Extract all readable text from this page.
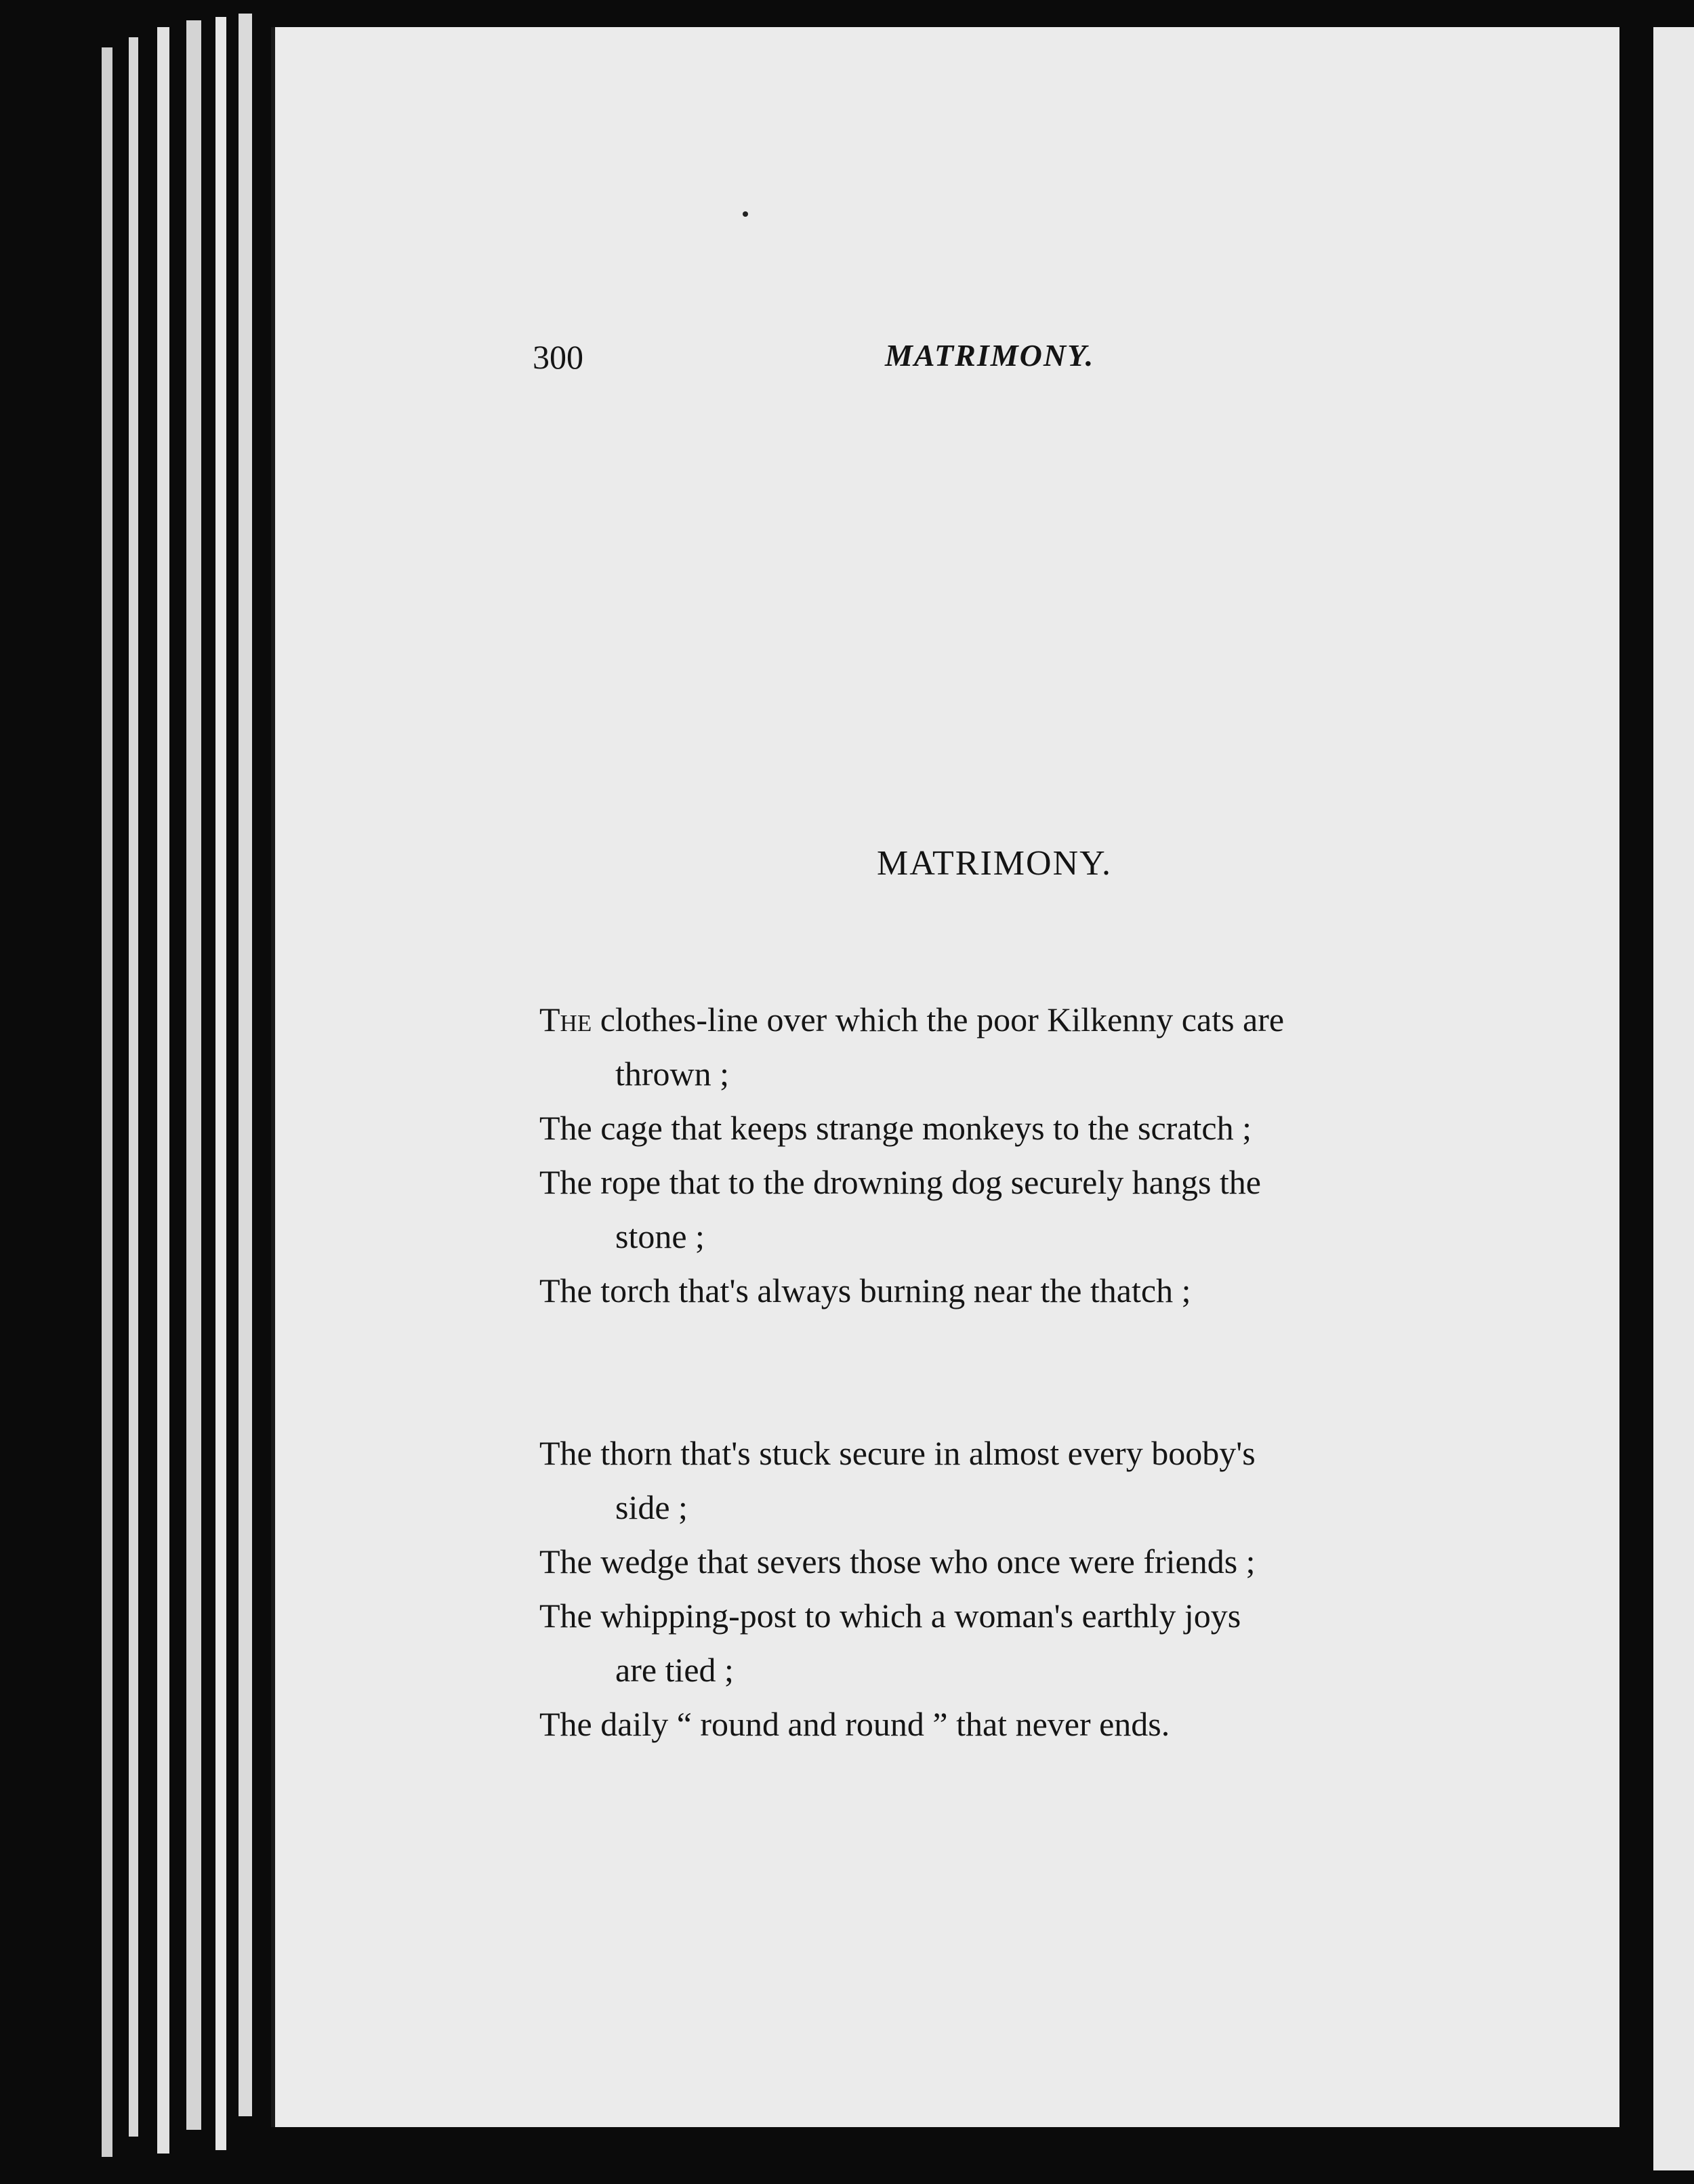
300	MATRIMONY.
MATRIMONY.
The clothes-line over which the poor Kilkenny cats are
thrown ;
The cage that keeps strange monkeys to the scratch ;
The rope that to the drowning dog securely hangs the
stone ;
The torch that's always burning near the thatch ;
The thorn that's stuck secure in almost every booby's
side ;
The wedge that severs those who once were friends ;
The whipping-post to which a woman's earthly joys
are tied ;
The daily “ round and round ” that never ends.
